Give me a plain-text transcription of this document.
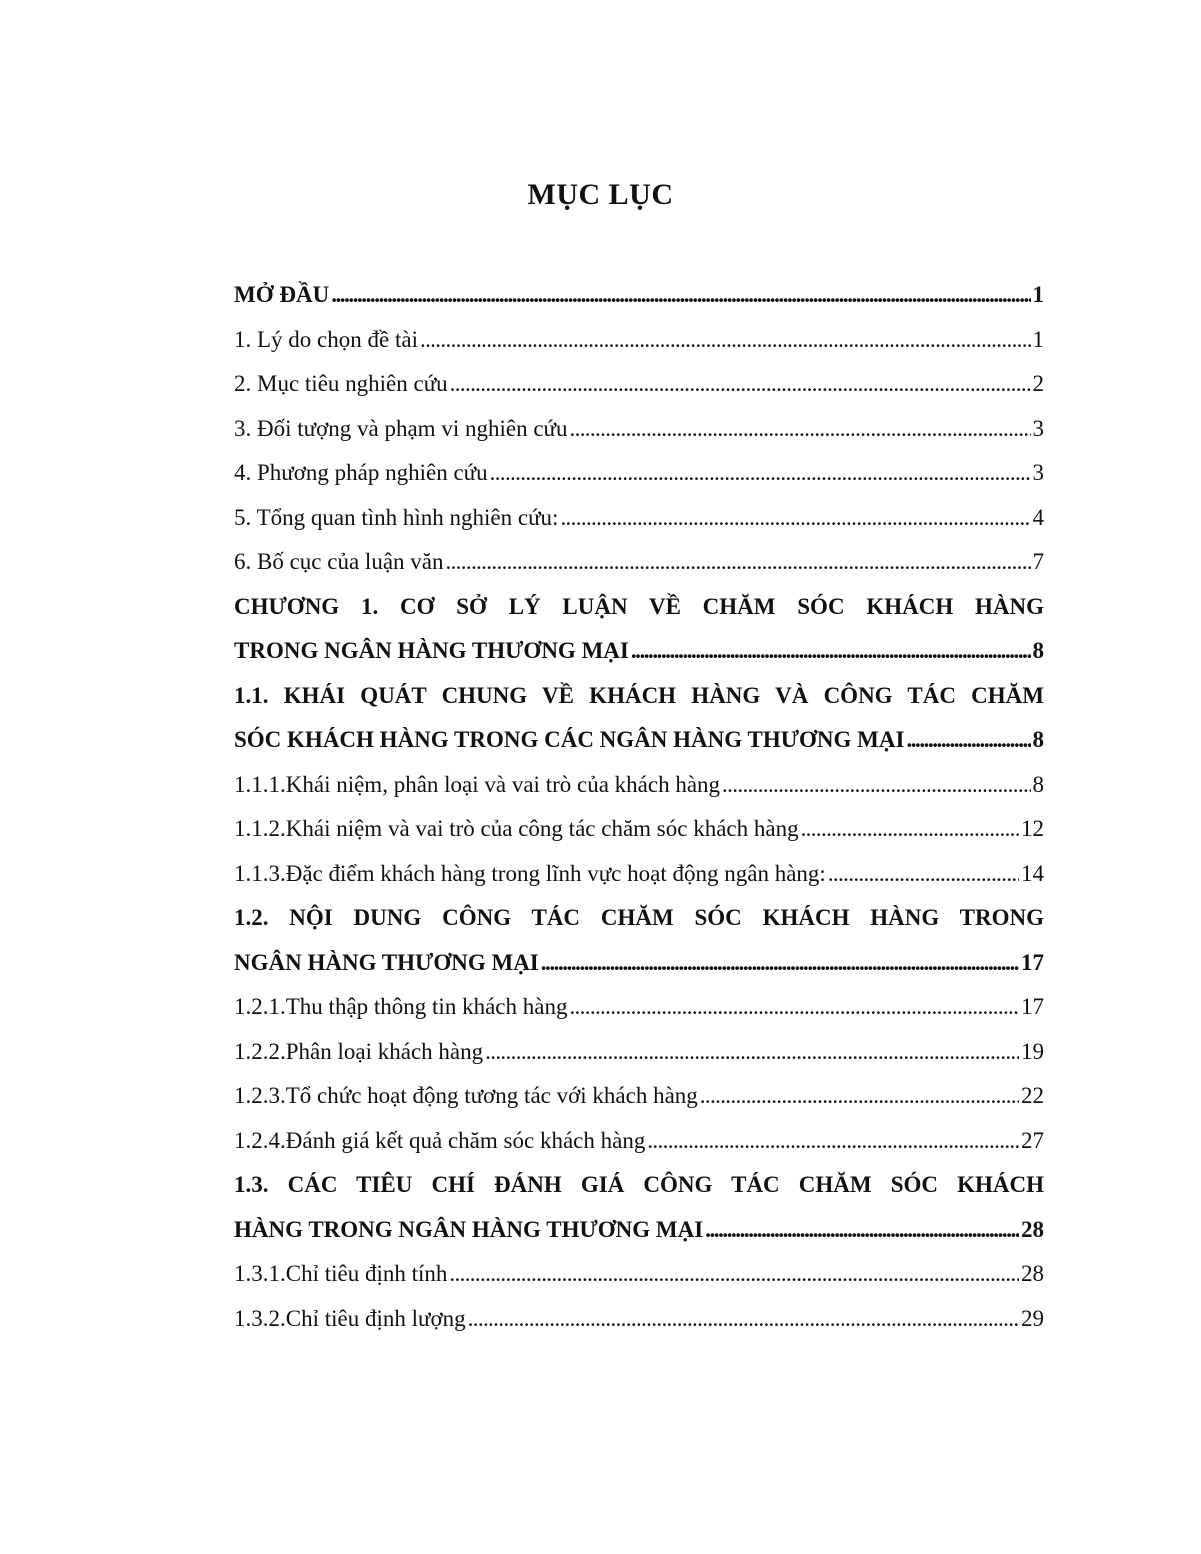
MỤC LỤC
MỞ ĐẦU . . .	1
1. Lý do chọn đề tài . . .	1
2. Mục tiêu nghiên cứu . . .	2
3. Đối tượng và phạm vi nghiên cứu . . .	3
4. Phương pháp nghiên cứu . . .	3
5. Tổng quan tình hình nghiên cứu: . . .	4
6. Bố cục của luận văn . . .	7
CHƯƠNG 1. CƠ SỞ LÝ LUẬN VỀ CHĂM SÓC KHÁCH HÀNG
TRONG NGÂN HÀNG THƯƠNG MẠI . . .	8
1.1. KHÁI QUÁT CHUNG VỀ KHÁCH HÀNG VÀ CÔNG TÁC CHĂM
SÓC KHÁCH HÀNG TRONG CÁC NGÂN HÀNG THƯƠNG MẠI . . .	8
1.1.1. Khái niệm, phân loại và vai trò của khách hàng . . .	8
1.1.2. Khái niệm và vai trò của công tác chăm sóc khách hàng . . .	12
1.1.3. Đặc điểm khách hàng trong lĩnh vực hoạt động ngân hàng: . . .	14
1.2. NỘI DUNG CÔNG TÁC CHĂM SÓC KHÁCH HÀNG TRONG
NGÂN HÀNG THƯƠNG MẠI . . .	17
1.2.1. Thu thập thông tin khách hàng . . .	17
1.2.2. Phân loại khách hàng . . .	19
1.2.3. Tổ chức hoạt động tương tác với khách hàng . . .	22
1.2.4. Đánh giá kết quả chăm sóc khách hàng . . .	27
1.3. CÁC TIÊU CHÍ ĐÁNH GIÁ CÔNG TÁC CHĂM SÓC KHÁCH
HÀNG TRONG NGÂN HÀNG THƯƠNG MẠI . . .	28
1.3.1. Chỉ tiêu định tính . . .	28
1.3.2. Chỉ tiêu định lượng . . .	29
